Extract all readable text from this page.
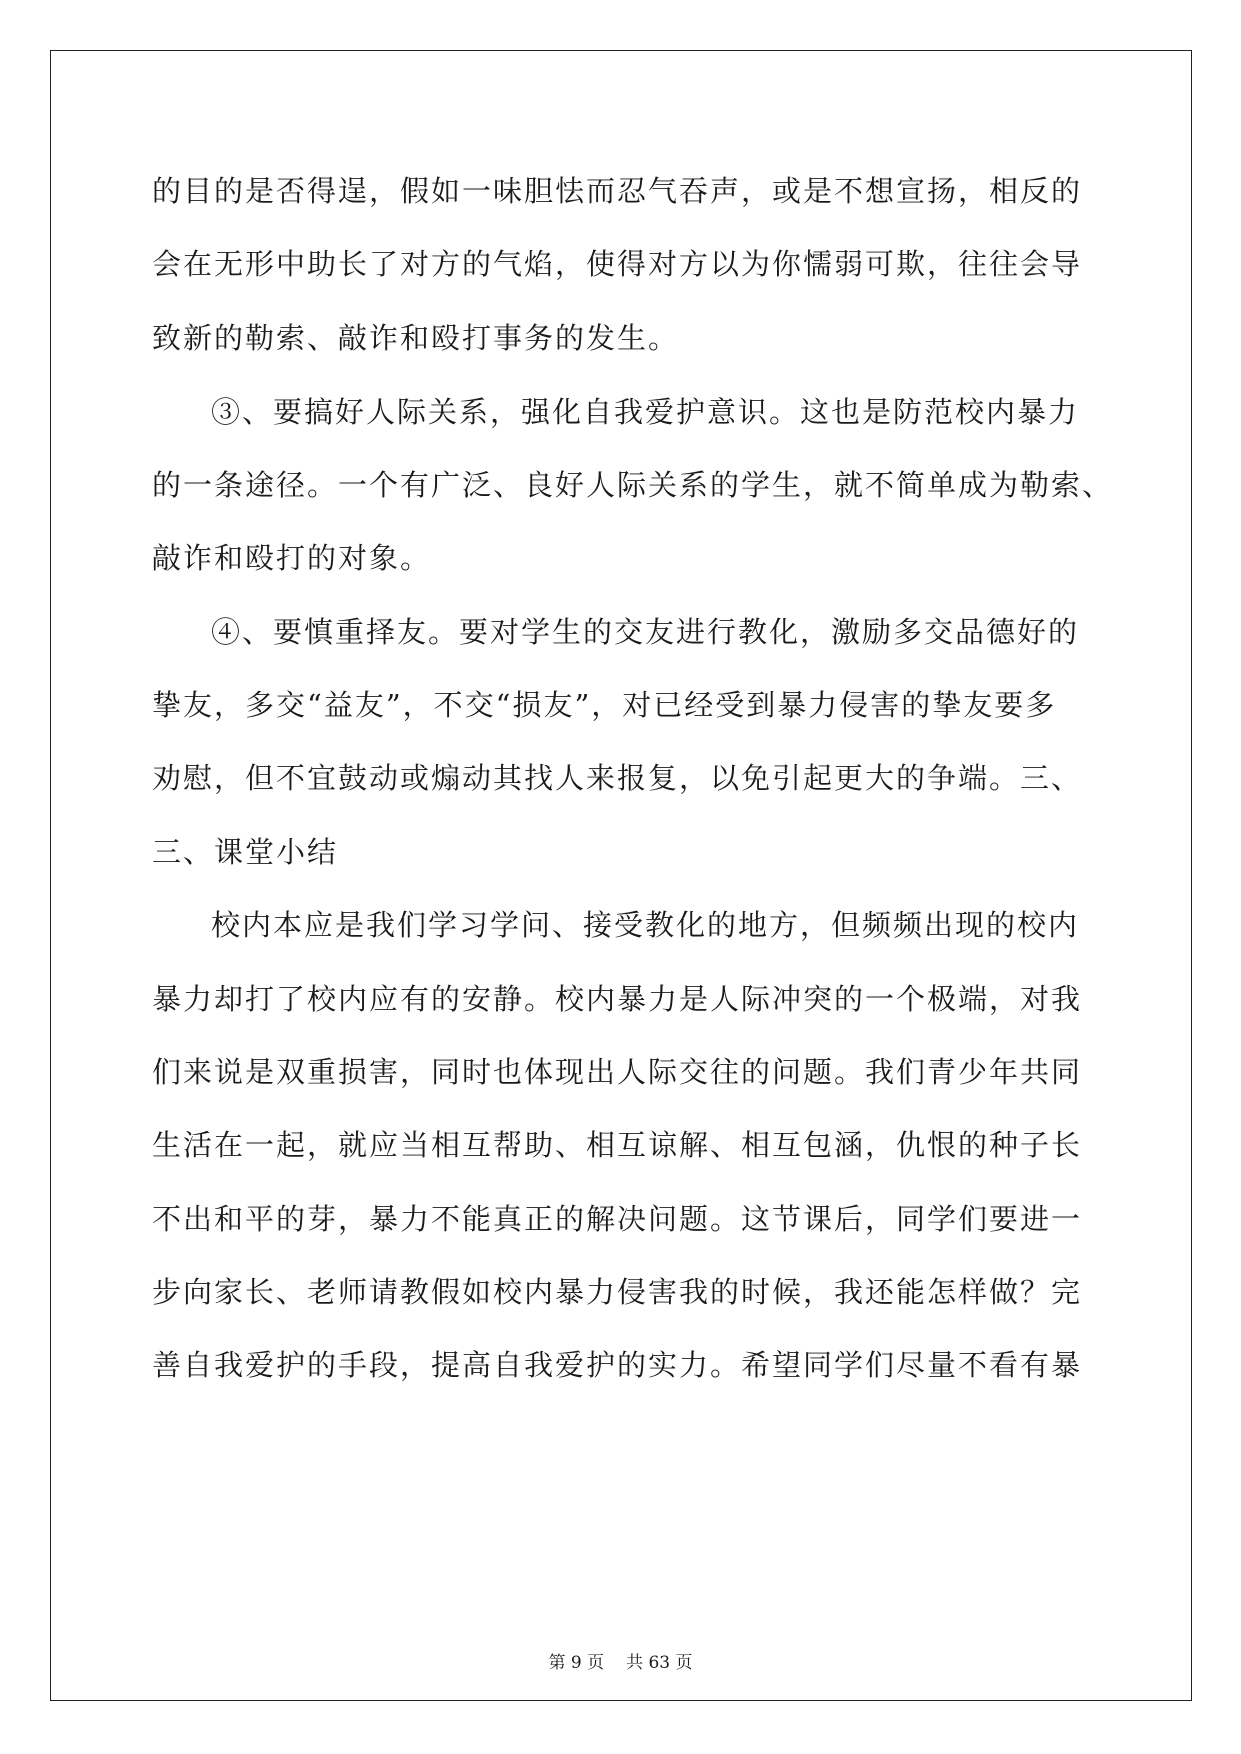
的目的是否得逞，假如一味胆怯而忍气吞声，或是不想宣扬，相反的

会在无形中助长了对方的气焰，使得对方以为你懦弱可欺，往往会导

致新的勒索、敲诈和殴打事务的发生。

③、要搞好人际关系，强化自我爱护意识。这也是防范校内暴力

的一条途径。一个有广泛、良好人际关系的学生，就不简单成为勒索、

敲诈和殴打的对象。

④、要慎重择友。要对学生的交友进行教化，激励多交品德好的

挚友，多交“益友”，不交“损友”，对已经受到暴力侵害的挚友要多

劝慰，但不宜鼓动或煽动其找人来报复，以免引起更大的争端。三、

三、课堂小结

校内本应是我们学习学问、接受教化的地方，但频频出现的校内

暴力却打了校内应有的安静。校内暴力是人际冲突的一个极端，对我

们来说是双重损害，同时也体现出人际交往的问题。我们青少年共同

生活在一起，就应当相互帮助、相互谅解、相互包涵，仇恨的种子长

不出和平的芽，暴力不能真正的解决问题。这节课后，同学们要进一

步向家长、老师请教假如校内暴力侵害我的时候，我还能怎样做？完

善自我爱护的手段，提高自我爱护的实力。希望同学们尽量不看有暴

第 9 页 共 63 页
